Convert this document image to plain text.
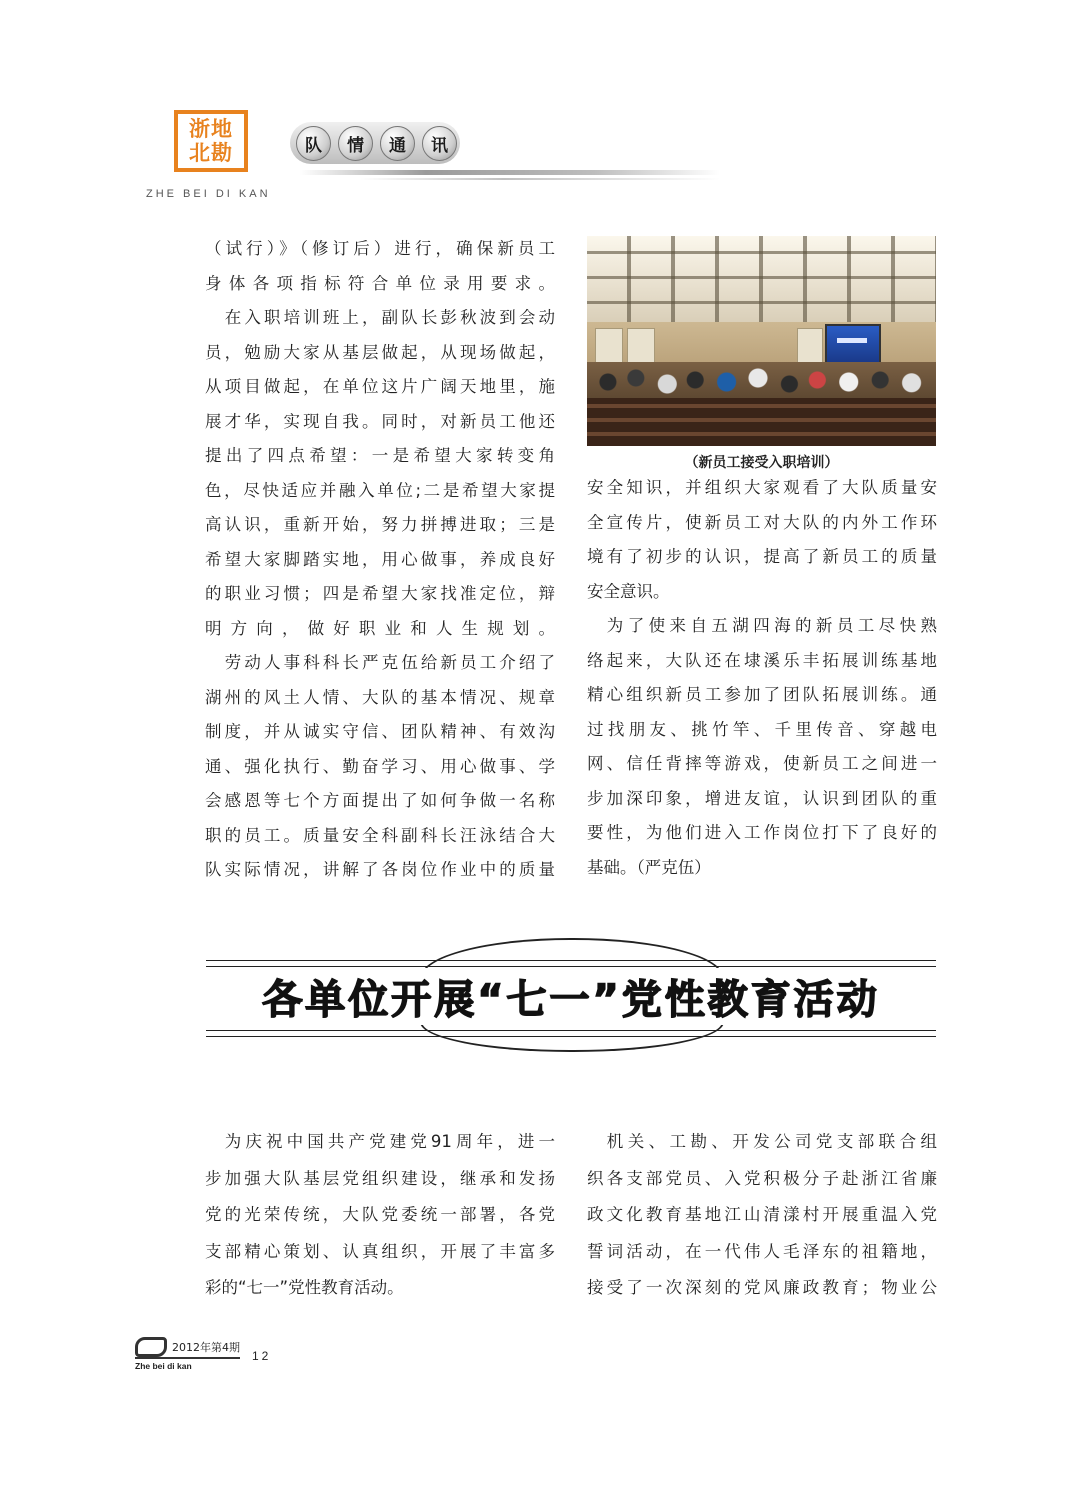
浙地
北勘
ZHE BEI DI KAN
队	情	通	讯

（试行）》（修订后）进行，确保新员工

身体各项指标符合单位录用要求。

在入职培训班上，副队长彭秋波到会动

员，勉励大家从基层做起，从现场做起，

从项目做起，在单位这片广阔天地里，施

展才华，实现自我。同时，对新员工他还

提出了四点希望：一是希望大家转变角

色，尽快适应并融入单位;二是希望大家提

高认识，重新开始，努力拼搏进取；三是

希望大家脚踏实地，用心做事，养成良好

的职业习惯；四是希望大家找准定位，辩

明方向，做好职业和人生规划。

劳动人事科科长严克伍给新员工介绍了

湖州的风土人情、大队的基本情况、规章

制度，并从诚实守信、团队精神、有效沟

通、强化执行、勤奋学习、用心做事、学

会感恩等七个方面提出了如何争做一名称

职的员工。质量安全科副科长汪泳结合大

队实际情况，讲解了各岗位作业中的质量

（新员工接受入职培训）

安全知识，并组织大家观看了大队质量安

全宣传片，使新员工对大队的内外工作环

境有了初步的认识，提高了新员工的质量

安全意识。

为了使来自五湖四海的新员工尽快熟

络起来，大队还在埭溪乐丰拓展训练基地

精心组织新员工参加了团队拓展训练。通

过找朋友、挑竹竿、千里传音、穿越电

网、信任背摔等游戏，使新员工之间进一

步加深印象，增进友谊，认识到团队的重

要性，为他们进入工作岗位打下了良好的

基础。（严克伍）

各单位开展“七一”党性教育活动

为庆祝中国共产党建党91周年，进一

步加强大队基层党组织建设，继承和发扬

党的光荣传统，大队党委统一部署，各党

支部精心策划、认真组织，开展了丰富多

彩的“七一”党性教育活动。

机关、工勘、开发公司党支部联合组

织各支部党员、入党积极分子赴浙江省廉

政文化教育基地江山清漾村开展重温入党

誓词活动，在一代伟人毛泽东的祖籍地，

接受了一次深刻的党风廉政教育；物业公

2012年第4期
Zhe bei di kan
12
